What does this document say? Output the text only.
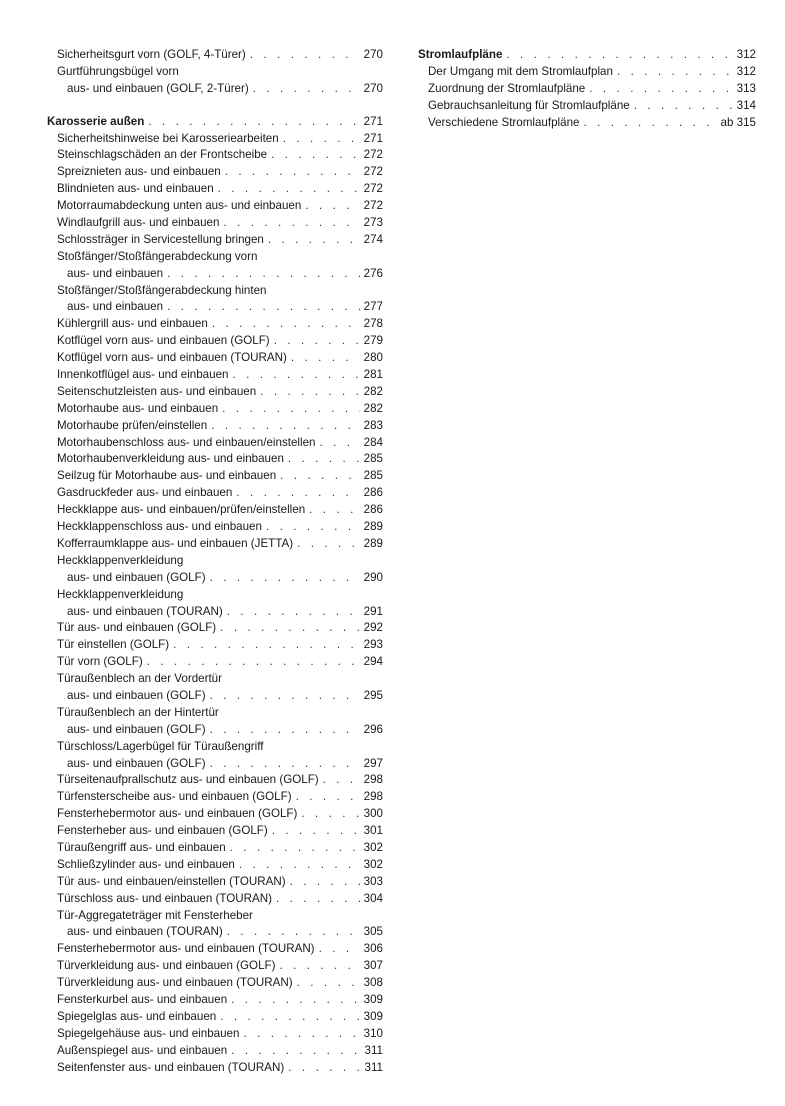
Sicherheitsgurt vorn (GOLF, 4-Türer) . . .	270
Gurtführungsbügel vorn
aus- und einbauen (GOLF, 2-Türer) . . .	270
Karosserie außen . . .	271
Sicherheitshinweise bei Karosseriearbeiten . . .	271
Steinschlagschäden an der Frontscheibe . . .	272
Spreiznieten aus- und einbauen . . .	272
Blindnieten aus- und einbauen . . .	272
Motorraumabdeckung unten aus- und einbauen . . .	272
Windlaufgrill aus- und einbauen . . .	273
Schlossträger in Servicestellung bringen . . .	274
Stoßfänger/Stoßfängerabdeckung vorn
aus- und einbauen . . .	276
Stoßfänger/Stoßfängerabdeckung hinten
aus- und einbauen . . .	277
Kühlergrill aus- und einbauen . . .	278
Kotflügel vorn aus- und einbauen (GOLF) . . .	279
Kotflügel vorn aus- und einbauen (TOURAN) . . .	280
Innenkotflügel aus- und einbauen . . .	281
Seitenschutzleisten aus- und einbauen . . .	282
Motorhaube aus- und einbauen . . .	282
Motorhaube prüfen/einstellen . . .	283
Motorhaubenschloss aus- und einbauen/einstellen . . .	284
Motorhaubenverkleidung aus- und einbauen . . .	285
Seilzug für Motorhaube aus- und einbauen . . .	285
Gasdruckfeder aus- und einbauen . . .	286
Heckklappe aus- und einbauen/prüfen/einstellen . . .	286
Heckklappenschloss aus- und einbauen . . .	289
Kofferraumklappe aus- und einbauen (JETTA) . . .	289
Heckklappenverkleidung
aus- und einbauen (GOLF) . . .	290
Heckklappenverkleidung
aus- und einbauen (TOURAN) . . .	291
Tür aus- und einbauen (GOLF) . . .	292
Tür einstellen (GOLF) . . .	293
Tür vorn (GOLF) . . .	294
Türaußenblech an der Vordertür
aus- und einbauen (GOLF) . . .	295
Türaußenblech an der Hintertür
aus- und einbauen (GOLF) . . .	296
Türschloss/Lagerbügel für Türaußengriff
aus- und einbauen (GOLF) . . .	297
Türseitenaufprallschutz aus- und einbauen (GOLF) . . .	298
Türfensterscheibe aus- und einbauen (GOLF) . . .	298
Fensterhebermotor aus- und einbauen (GOLF) . . .	300
Fensterheber aus- und einbauen (GOLF) . . .	301
Türaußengriff aus- und einbauen . . .	302
Schließzylinder aus- und einbauen . . .	302
Tür aus- und einbauen/einstellen (TOURAN) . . .	303
Türschloss aus- und einbauen (TOURAN) . . .	304
Tür-Aggregateträger mit Fensterheber
aus- und einbauen (TOURAN) . . .	305
Fensterhebermotor aus- und einbauen (TOURAN) . . .	306
Türverkleidung aus- und einbauen (GOLF) . . .	307
Türverkleidung aus- und einbauen (TOURAN) . . .	308
Fensterkurbel aus- und einbauen . . .	309
Spiegelglas aus- und einbauen . . .	309
Spiegelgehäuse aus- und einbauen . . .	310
Außenspiegel aus- und einbauen . . .	311
Seitenfenster aus- und einbauen (TOURAN) . . .	311
Stromlaufpläne . . .	312
Der Umgang mit dem Stromlaufplan . . .	312
Zuordnung der Stromlaufpläne . . .	313
Gebrauchsanleitung für Stromlaufpläne . . .	314
Verschiedene Stromlaufpläne . . .	ab 315
